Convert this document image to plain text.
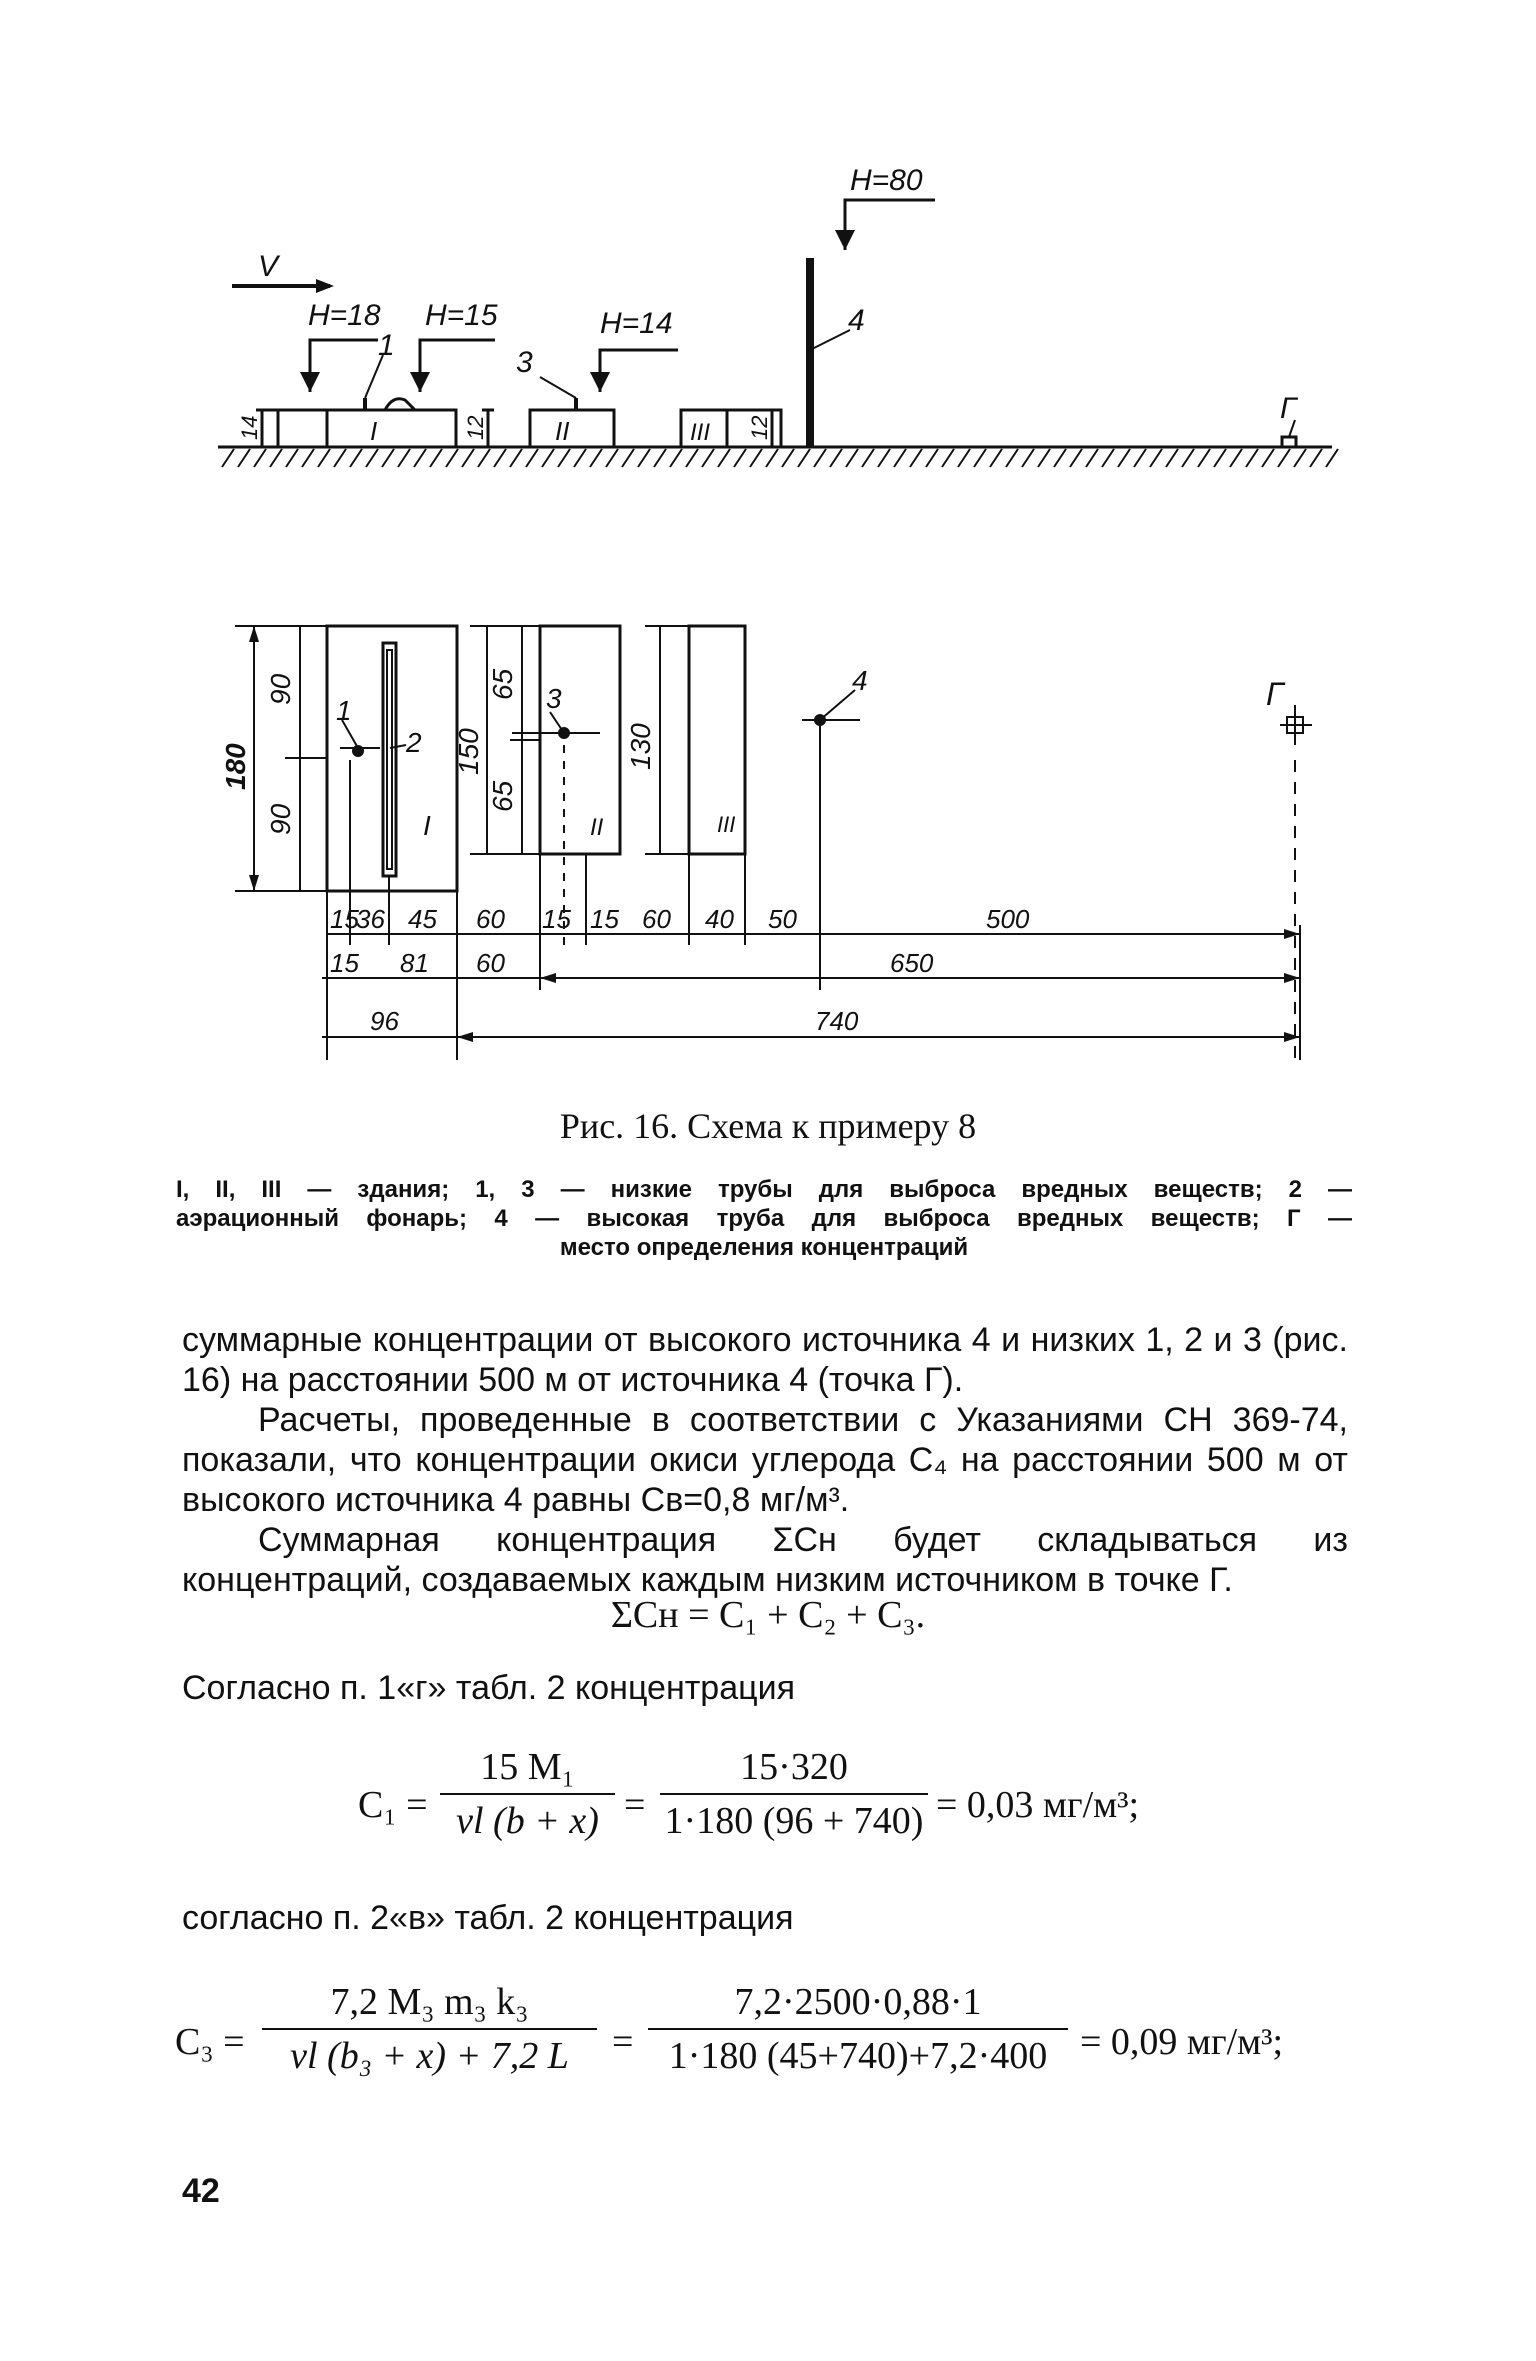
V
H=18 H=15	H=14
H=80
1
3
4
Г
I	II	III
14	12	12
180
90
90
150
65
65
130
1
2
3
4	Г
I	II	III
15
36 45 60 15 15 60 40 50	500
15 81 60	650
96	740
Рис. 16. Схема к примеру 8

I, II, III — здания; 1, 3 — низкие трубы для выброса вредных веществ; 2 —

аэрационный фонарь; 4 — высокая труба для выброса вредных веществ; Г —

место определения концентраций

суммарные концентрации от высокого источника 4 и низких 1, 2 и 3 (рис. 16) на расстоянии 500 м от источника 4 (точка Г).

Расчеты, проведенные в соответствии с Указаниями СН 369-74, показали, что концентрации окиси углерода C₄ на расстоянии 500 м от высокого источника 4 равны Cв=0,8 мг/м³.

Суммарная концентрация ΣCн будет складываться из концентраций, создаваемых каждым низким источником в точке Г.

ΣCн = C₁ + C₂ + C₃.

Согласно п. 1«г» табл. 2 концентрация

$C_1 = \frac{\text{15 M₁}}{vl (b + x)} = \frac{15\cdot 320}{1\cdot 180 (96 + 740)} = 0,03$ мг/м³;

согласно п. 2«в» табл. 2 концентрация

$C_3 = \frac{\text{7,2 M₃ m₃ k₃}}{\text{vl (b₃ + x) + 7,2 L}} = \frac{7,2\cdot 2500\cdot 0,88\cdot 1}{1\cdot 180 (45+740)+7,2\cdot 400} = 0,09$ мг/м³;
42
